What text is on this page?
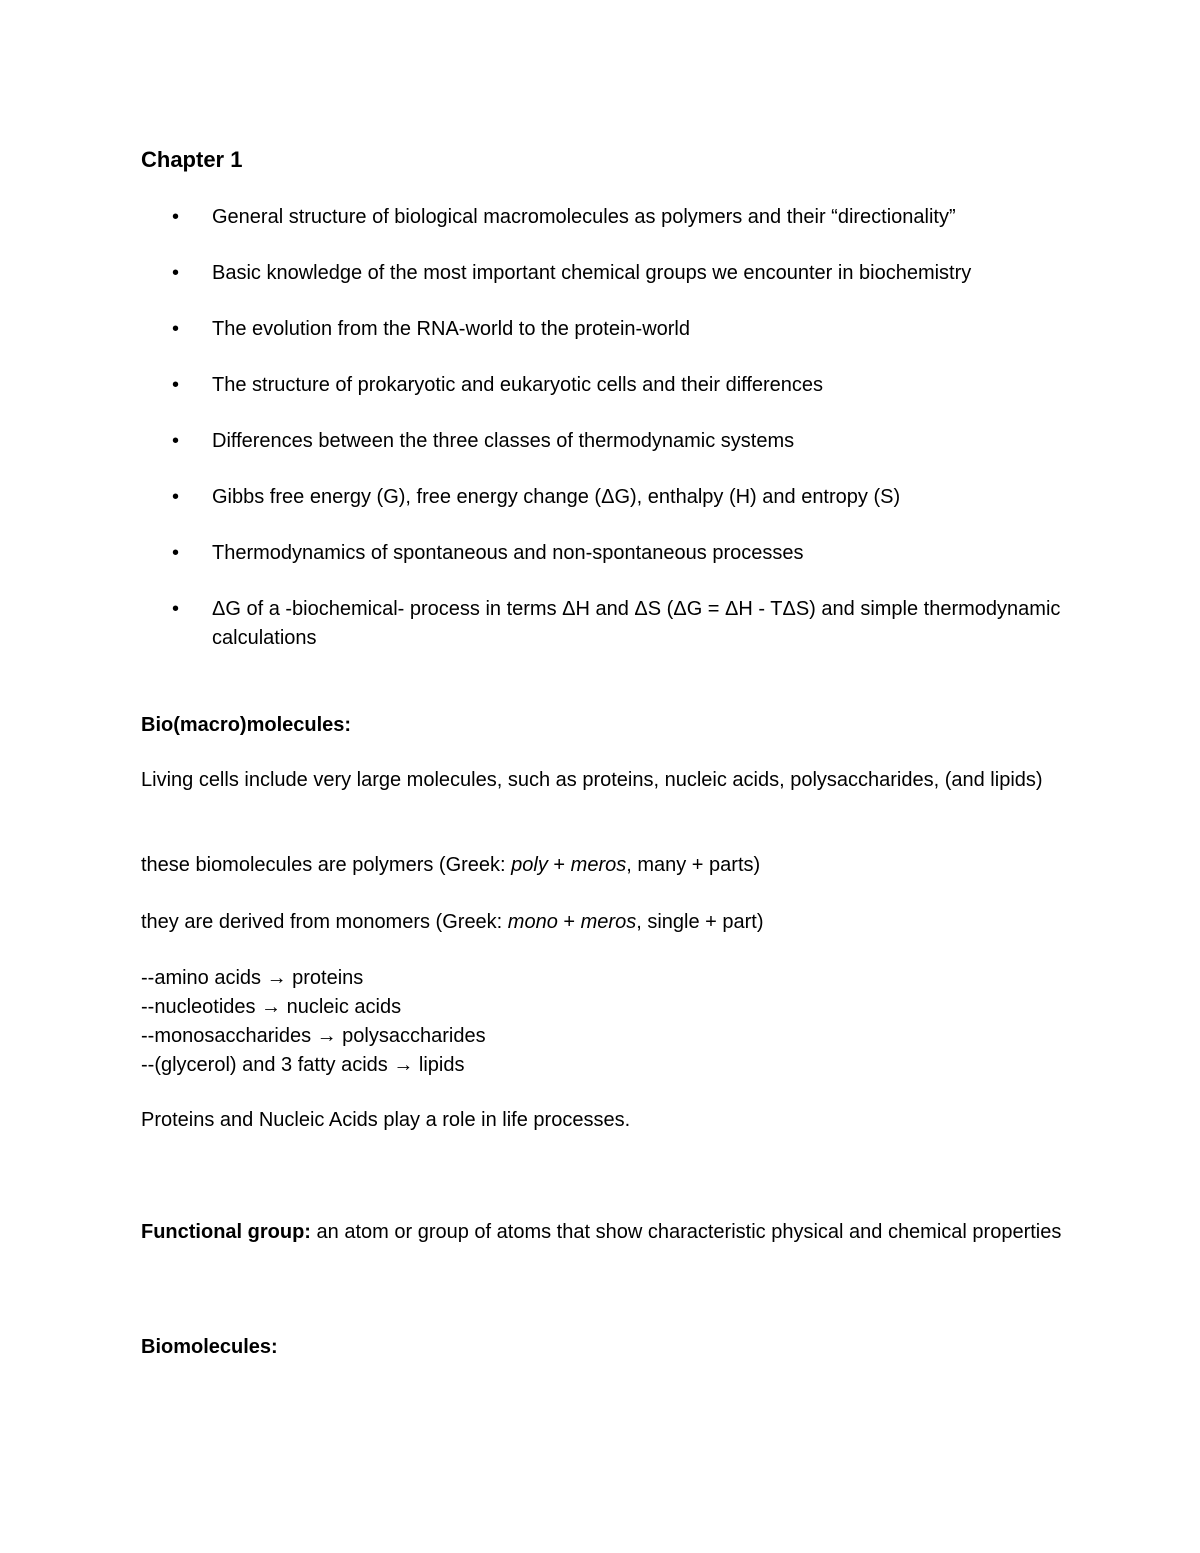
Chapter 1
• General structure of biological macromolecules as polymers and their “directionality”
• Basic knowledge of the most important chemical groups we encounter in biochemistry
• The evolution from the RNA-world to the protein-world
• The structure of prokaryotic and eukaryotic cells and their differences
• Differences between the three classes of thermodynamic systems
• Gibbs free energy (G), free energy change (ΔG), enthalpy (H) and entropy (S)
• Thermodynamics of spontaneous and non-spontaneous processes
• ΔG of a -biochemical- process in terms ΔH and ΔS (ΔG = ΔH - TΔS) and simple thermodynamic calculations
Bio(macro)molecules:
Living cells include very large molecules, such as proteins, nucleic acids, polysaccharides, (and lipids)
these biomolecules are polymers (Greek: poly + meros, many + parts)
they are derived from monomers (Greek: mono + meros, single + part)
--amino acids → proteins
--nucleotides → nucleic acids
--monosaccharides → polysaccharides
--(glycerol) and 3 fatty acids → lipids
Proteins and Nucleic Acids play a role in life processes.
Functional group: an atom or group of atoms that show characteristic physical and chemical properties
Biomolecules:
